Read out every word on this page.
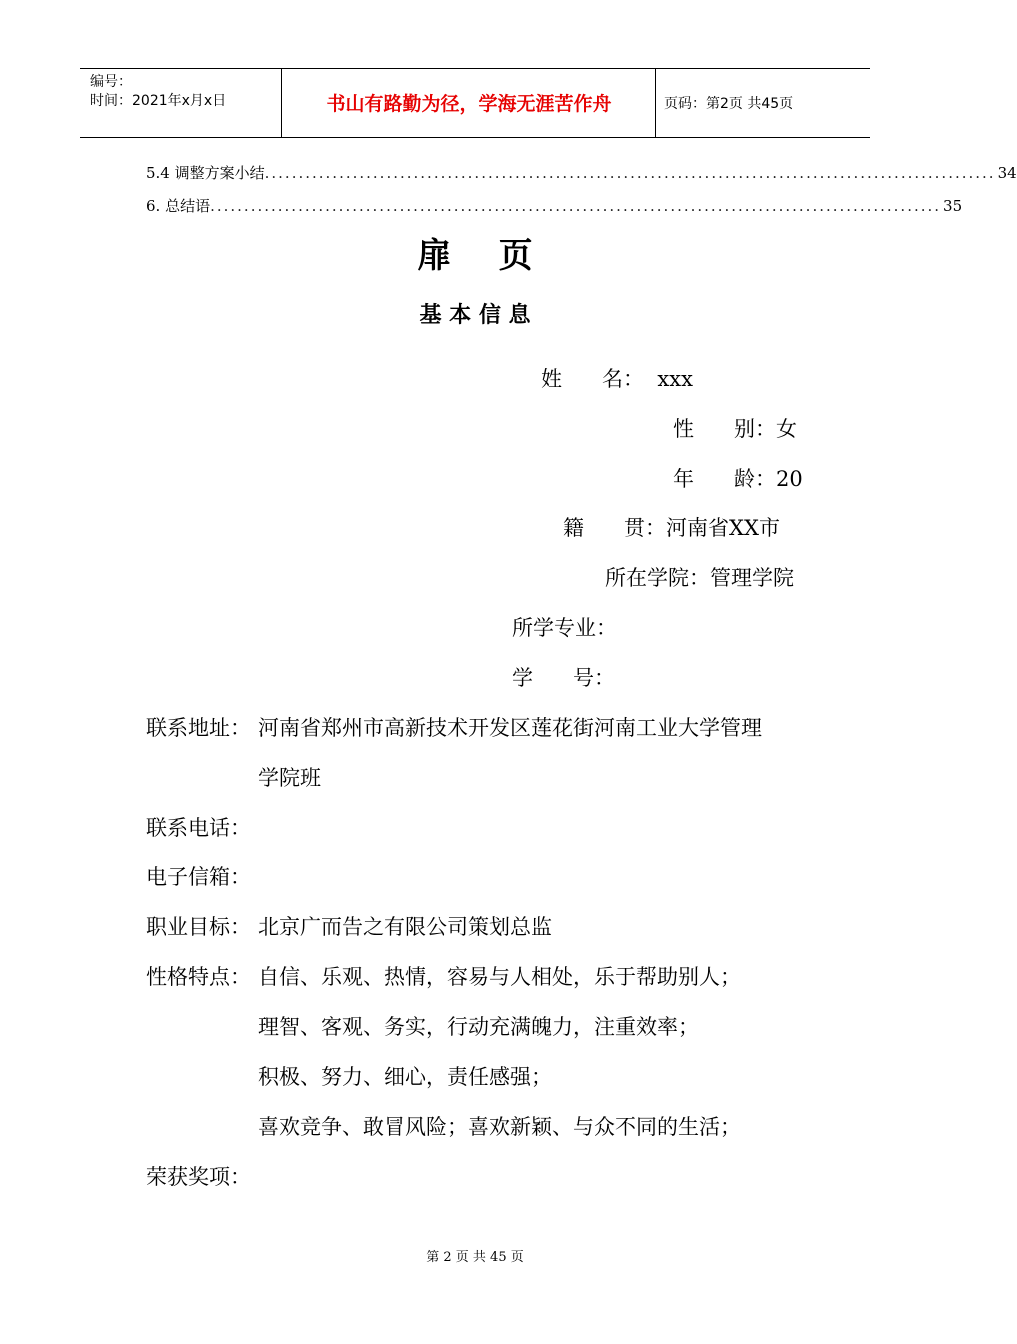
编号：
时间：2021年x月x日	书山有路勤为径，学海无涯苦作舟	页码：第2页 共45页
5.4 调整方案小结 ............................................................................................................ 34
6. 总结语 ............................................................................................................ 35
扉    页
基 本 信 息
姓      名：  xxx
性      别：女
年      龄：20
籍      贯：河南省XX市
所在学院：管理学院
所学专业：
学      号：
联系地址： 河南省郑州市高新技术开发区莲花街河南工业大学管理
学院班
联系电话：
电子信箱：
职业目标： 北京广而告之有限公司策划总监
性格特点： 自信、乐观、热情，容易与人相处，乐于帮助别人；
理智、客观、务实，行动充满魄力，注重效率；
积极、努力、细心，责任感强；
喜欢竞争、敢冒风险；喜欢新颖、与众不同的生活；
荣获奖项：
第 2 页 共 45 页
